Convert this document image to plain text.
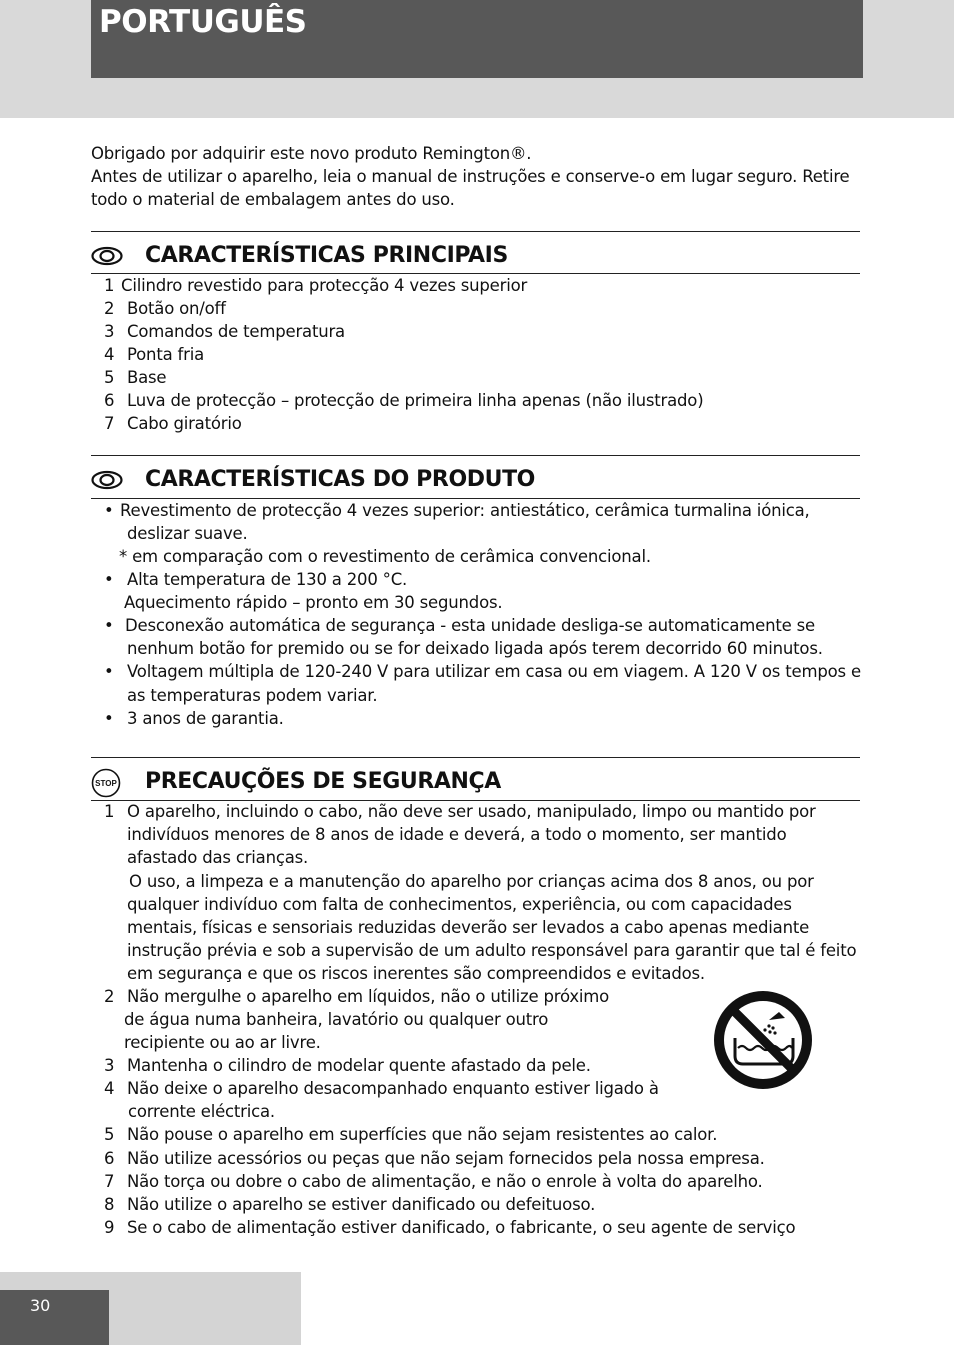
PORTUGUÊS
Obrigado por adquirir este novo produto Remington®.
Antes de utilizar o aparelho, leia o manual de instruções e conserve-o em lugar seguro. Retire
todo o material de embalagem antes do uso.
CARACTERÍSTICAS PRINCIPAIS
1 Cilindro revestido para protecção 4 vezes superior
2 Botão on/off
3 Comandos de temperatura
4 Ponta fria
5 Base
6 Luva de protecção – protecção de primeira linha apenas (não ilustrado)
7 Cabo giratório
CARACTERÍSTICAS DO PRODUTO
• Revestimento de protecção 4 vezes superior: antiestático, cerâmica turmalina iónica,
deslizar suave.
* em comparação com o revestimento de cerâmica convencional.
• Alta temperatura de 130 a 200 °C.
Aquecimento rápido – pronto em 30 segundos.
• Desconexão automática de segurança - esta unidade desliga-se automaticamente se
nenhum botão for premido ou se for deixado ligada após terem decorrido 60 minutos.
• Voltagem múltipla de 120-240 V para utilizar em casa ou em viagem. A 120 V os tempos e
as temperaturas podem variar.
• 3 anos de garantia.
STOP PRECAUÇÕES DE SEGURANÇA
1 O aparelho, incluindo o cabo, não deve ser usado, manipulado, limpo ou mantido por
indivíduos menores de 8 anos de idade e deverá, a todo o momento, ser mantido
afastado das crianças.
O uso, a limpeza e a manutenção do aparelho por crianças acima dos 8 anos, ou por
qualquer indivíduo com falta de conhecimentos, experiência, ou com capacidades
mentais, físicas e sensoriais reduzidas deverão ser levados a cabo apenas mediante
instrução prévia e sob a supervisão de um adulto responsável para garantir que tal é feito
em segurança e que os riscos inerentes são compreendidos e evitados.
2 Não mergulhe o aparelho em líquidos, não o utilize próximo
de água numa banheira, lavatório ou qualquer outro
recipiente ou ao ar livre.
3 Mantenha o cilindro de modelar quente afastado da pele.
4 Não deixe o aparelho desacompanhado enquanto estiver ligado à
corrente eléctrica.
5 Não pouse o aparelho em superfícies que não sejam resistentes ao calor.
6 Não utilize acessórios ou peças que não sejam fornecidos pela nossa empresa.
7 Não torça ou dobre o cabo de alimentação, e não o enrole à volta do aparelho.
8 Não utilize o aparelho se estiver danificado ou defeituoso.
9 Se o cabo de alimentação estiver danificado, o fabricante, o seu agente de serviço
30
